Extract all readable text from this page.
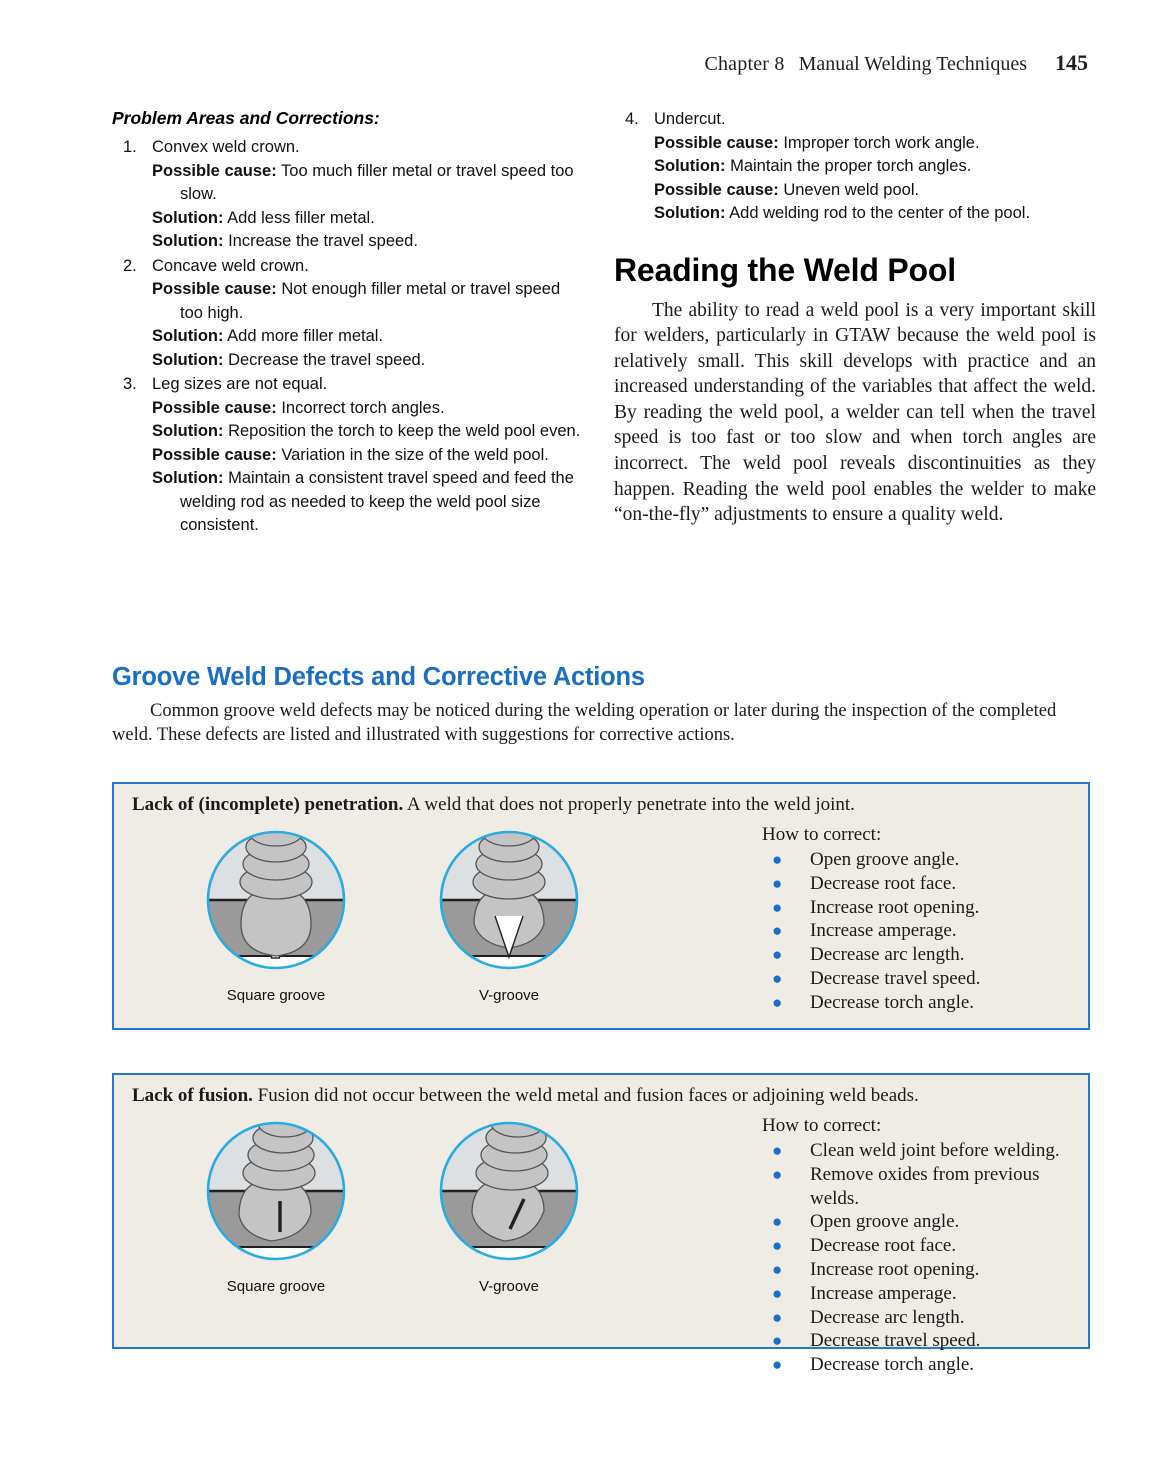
Chapter 8 Manual Welding Techniques 145
Problem Areas and Corrections:
1. Convex weld crown.
Possible cause: Too much filler metal or travel speed too slow.
Solution: Add less filler metal.
Solution: Increase the travel speed.
2. Concave weld crown.
Possible cause: Not enough filler metal or travel speed too high.
Solution: Add more filler metal.
Solution: Decrease the travel speed.
3. Leg sizes are not equal.
Possible cause: Incorrect torch angles.
Solution: Reposition the torch to keep the weld pool even.
Possible cause: Variation in the size of the weld pool.
Solution: Maintain a consistent travel speed and feed the welding rod as needed to keep the weld pool size consistent.
4. Undercut.
Possible cause: Improper torch work angle.
Solution: Maintain the proper torch angles.
Possible cause: Uneven weld pool.
Solution: Add welding rod to the center of the pool.
Reading the Weld Pool

The ability to read a weld pool is a very important skill for welders, particularly in GTAW because the weld pool is relatively small. This skill develops with practice and an increased understanding of the variables that affect the weld. By reading the weld pool, a welder can tell when the travel speed is too fast or too slow and when torch angles are incorrect. The weld pool reveals discontinuities as they happen. Reading the weld pool enables the welder to make “on-the-fly” adjustments to ensure a quality weld.

Groove Weld Defects and Corrective Actions

Common groove weld defects may be noticed during the welding operation or later during the inspection of the completed weld. These defects are listed and illustrated with suggestions for corrective actions.

Lack of (incomplete) penetration. A weld that does not properly penetrate into the weld joint.
Square groove	V-groove
How to correct:
● Open groove angle.
● Decrease root face.
● Increase root opening.
● Increase amperage.
● Decrease arc length.
● Decrease travel speed.
● Decrease torch angle.
Lack of fusion. Fusion did not occur between the weld metal and fusion faces or adjoining weld beads.
Square groove	V-groove
How to correct:
● Clean weld joint before welding.
● Remove oxides from previous welds.
● Open groove angle.
● Decrease root face.
● Increase root opening.
● Increase amperage.
● Decrease arc length.
● Decrease travel speed.
● Decrease torch angle.
